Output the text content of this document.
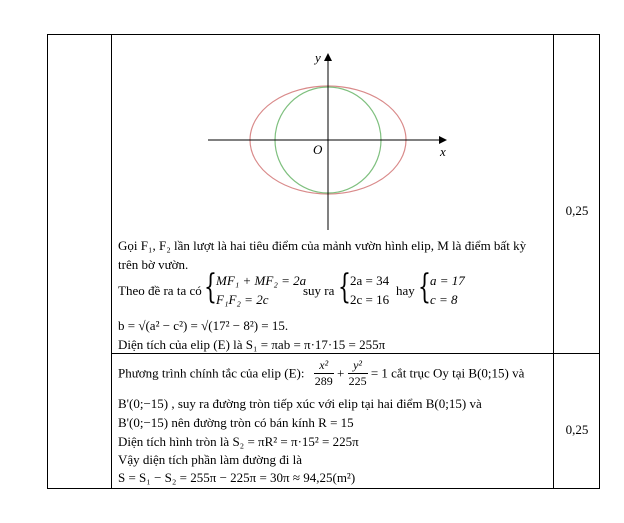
x
y
O
Gọi F₁, F₂ lần lượt là hai tiêu điểm của mảnh vườn hình elip, M là điểm bất kỳ
trên bờ vườn.
Theo đề ra ta có { MF₁ + MF₂ = 2a
F₁F₂ = 2c
suy ra { 2a = 34
2c = 16
hay { a = 17
c = 8
b = √(a² − c²) = √(17² − 8²) = 15.
Diện tích của elip (E) là S₁ = πab = π·17·15 = 255π
0,25
Phương trình chính tắc của elip (E): $\frac{\text{x²}}{289} + \frac{\text{y²}}{225} = 1$ cắt trục Oy tại B(0;15) và
B'(0;−15) , suy ra đường tròn tiếp xúc với elip tại hai điểm B(0;15) và
B'(0;−15) nên đường tròn có bán kính R = 15
Diện tích hình tròn là S₂ = πR² = π·15² = 225π
Vậy diện tích phần làm đường đi là
S = S₁ − S₂ = 255π − 225π = 30π ≈ 94,25(m²)
0,25
